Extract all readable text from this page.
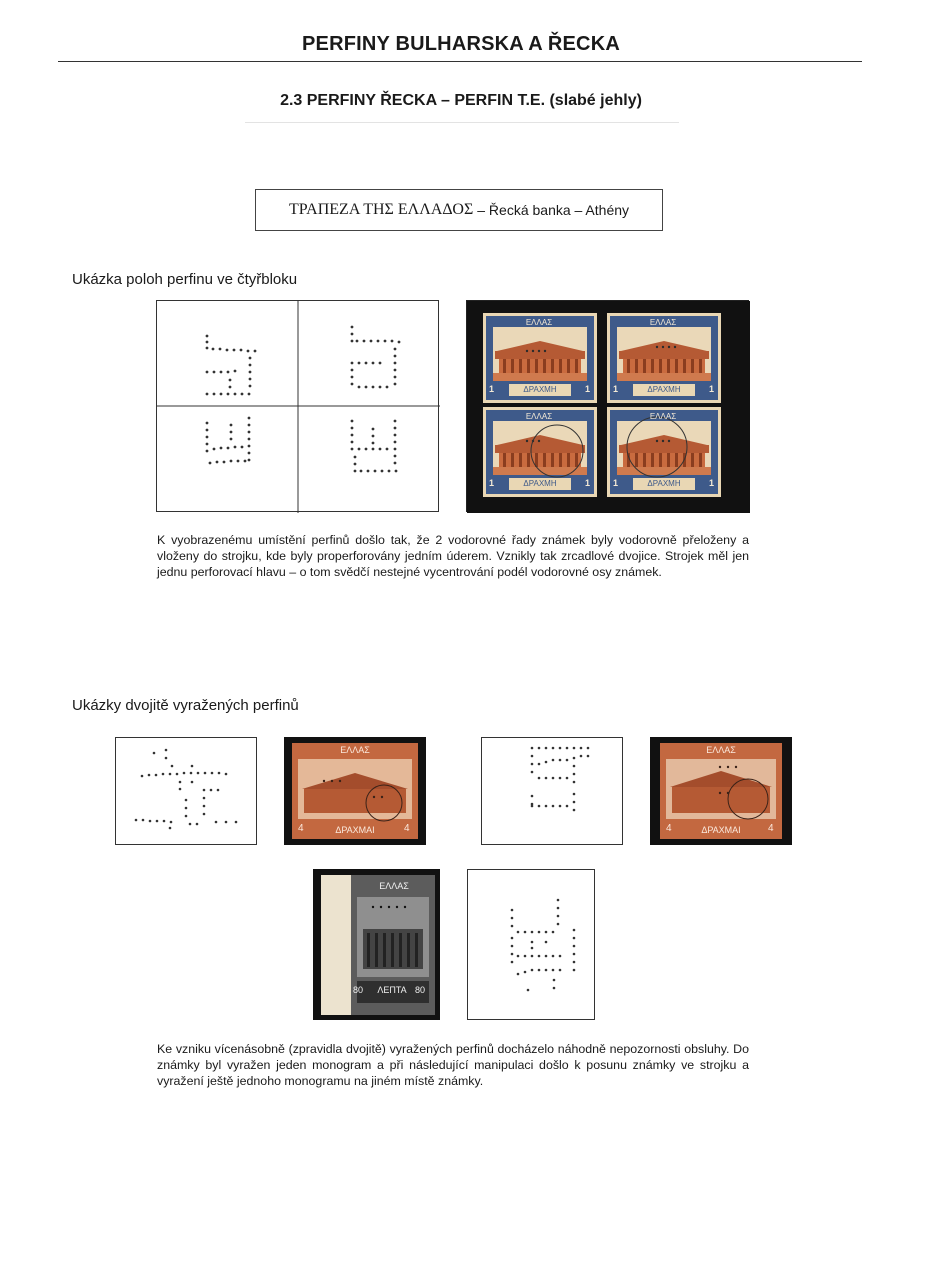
PERFINY BULHARSKA A ŘECKA
2.3 PERFINY ŘECKA – PERFIN T.E. (slabé jehly)
ΤΡΑΠΕΖΑ ΤΗΣ ΕΛΛΑΔΟΣ – Řecká banka – Athény
Ukázka poloh perfinu ve čtyřbloku
ΕΛΛΑΣ	ΕΛΛΑΣ
ΕΛΛΑΣ	ΕΛΛΑΣ
ΔΡΑΧΜΗ	ΔΡΑΧΜΗ
ΔΡΑΧΜΗ	ΔΡΑΧΜΗ
1	1	1	1
1	1	1	1
K vyobrazenému umístění perfinů došlo tak, že 2 vodorovné řady známek byly vodorovně přeloženy a vloženy do strojku, kde byly properforovány jedním úderem. Vznikly tak zrcadlové dvojice. Strojek měl jen jednu perforovací hlavu – o tom svědčí nestejné vycentrování podél vodorovné osy známek.
Ukázky dvojitě vyražených perfinů
ΕΛΛΑΣ
ΔΡΑΧΜΑΙ
4	4
ΕΛΛΑΣ
ΔΡΑΧΜΑΙ
4	4
ΕΛΛΑΣ
ΛΕΠΤΑ
80	80
Ke vzniku vícenásobně (zpravidla dvojitě) vyražených perfinů docházelo náhodně nepozornosti obsluhy. Do známky byl vyražen jeden monogram a při následující manipulaci došlo k posunu známky ve strojku a vyražení ještě jednoho monogramu na jiném místě známky.
